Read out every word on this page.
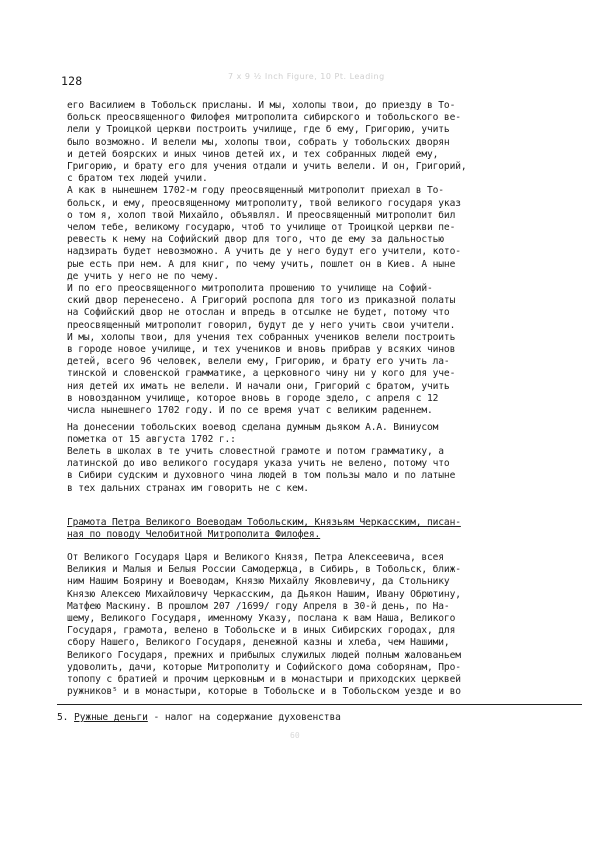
128	7 x 9 ½ Inch Figure, 10 Pt. Leading
его Василием в Тобольск присланы. И мы, холопы твои, до приезду в То-
больск преосвященного Филофея митрополита сибирского и тобольского ве-
лели у Троицкой церкви построить училище, где б ему, Григорию, учить
было возможно. И велели мы, холопы твои, собрать у тобольских дворян
и детей боярских и иных чинов детей их, и тех собранных людей ему,
Григорию, и брату его для учения отдали и учить велели. И он, Григорий,
с братом тех людей учили.
А как в нынешнем 1702-м году преосвященный митрополит приехал в То-
больск, и ему, преосвященному митрополиту, твой великого государя указ
о том я, холоп твой Михайло, объявлял. И преосвященный митрополит бил
челом тебе, великому государю, чтоб то училище от Троицкой церкви пе-
ревесть к нему на Софийский двор для того, что де ему за дальностью
надзирать будет невозможно. А учить де у него будут его учители, кото-
рые есть при нем. А для книг, по чему учить, пошлет он в Киев. А ныне
де учить у него не по чему.
И по его преосвященного митрополита прошению то училище на Софий-
ский двор перенесено. А Григорий роспопа для того из приказной полаты
на Софийский двор не отослан и впредь в отсылке не будет, потому что
преосвященный митрополит говорил, будут де у него учить свои учители.
И мы, холопы твои, для учения тех собранных учеников велели построить
в городе новое училище, и тех учеников и вновь прибрав у всяких чинов
детей, всего 96 человек, велели ему, Григорию, и брату его учить ла-
тинской и словенской грамматике, а церковного чину ни у кого для уче-
ния детей их имать не велели. И начали они, Григорий с братом, учить
в новозданном училище, которое вновь в городе здело, с апреля с 12
числа нынешнего 1702 году. И по се время учат с великим раденнем.
На донесении тобольских воевод сделана думным дьяком А.А. Виниусом
пометка от 15 августа 1702 г.:
Велеть в школах в те учить словестной грамоте и потом грамматику, а
латинской до иво великого государя указа учить не велено, потому что
в Сибири судским и духовного чина людей в том пользы мало и по латыне
в тех дальних странах им говорить не с кем.
Грамота Петра Великого Воеводам Тобольским, Князьям Черкасским, писан-
ная по поводу Челобитной Митрополита Филофея.
От Великого Государя Царя и Великого Князя, Петра Алексеевича, всея
Великия и Малыя и Белыя России Самодержца, в Сибирь, в Тобольск, ближ-
ним Нашим Боярину и Воеводам, Князю Михайлу Яковлевичу, да Стольнику
Князю Алексею Михайловичу Черкасским, да Дьякон Нашим, Ивану Обрютину,
Матфею Маскину. В прошлом 207 /1699/ году Апреля в 30-й день, по На-
шему, Великого Государя, именному Указу, послана к вам Наша, Великого
Государя, грамота, велено в Тобольске и в иных Сибирских городах, для
сбору Нашего, Великого Государя, денежной казны и хлеба, чем Нашими,
Великого Государя, прежних и прибылых служилых людей полным жалованьем
удоволить, дачи, которые Митрополиту и Софийского дома соборянам, Про-
топопу с братией и прочим церковным и в монастыри и приходских церквей
ружников⁵ и в монастыри, которые в Тобольске и в Тобольском уезде и во
5. Ружные деньги - налог на содержание духовенства
60
